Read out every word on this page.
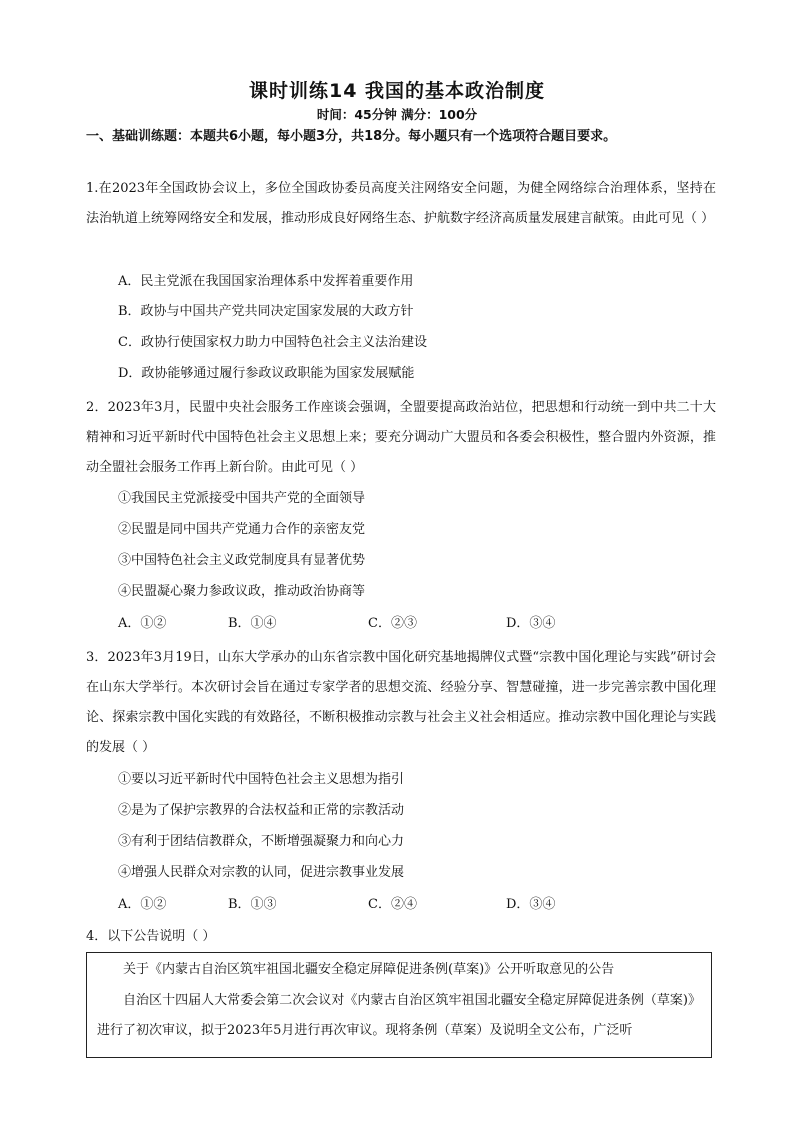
课时训练14 我国的基本政治制度
时间：45分钟 满分：100分
一、基础训练题：本题共6小题，每小题3分，共18分。每小题只有一个选项符合题目要求。
1.在2023年全国政协会议上，多位全国政协委员高度关注网络安全问题，为健全网络综合治理体系，坚持在法治轨道上统筹网络安全和发展，推动形成良好网络生态、护航数字经济高质量发展建言献策。由此可见（ ）
A．民主党派在我国国家治理体系中发挥着重要作用
B．政协与中国共产党共同决定国家发展的大政方针
C．政协行使国家权力助力中国特色社会主义法治建设
D．政协能够通过履行参政议政职能为国家发展赋能
2．2023年3月，民盟中央社会服务工作座谈会强调，全盟要提高政治站位，把思想和行动统一到中共二十大精神和习近平新时代中国特色社会主义思想上来；要充分调动广大盟员和各委会积极性，整合盟内外资源，推动全盟社会服务工作再上新台阶。由此可见（ ）
①我国民主党派接受中国共产党的全面领导
②民盟是同中国共产党通力合作的亲密友党
③中国特色社会主义政党制度具有显著优势
④民盟凝心聚力参政议政，推动政治协商等
A．①②	B．①④	C．②③	D．③④
3．2023年3月19日，山东大学承办的山东省宗教中国化研究基地揭牌仪式暨“宗教中国化理论与实践”研讨会在山东大学举行。本次研讨会旨在通过专家学者的思想交流、经验分享、智慧碰撞，进一步完善宗教中国化理论、探索宗教中国化实践的有效路径，不断积极推动宗教与社会主义社会相适应。推动宗教中国化理论与实践的发展（ ）
①要以习近平新时代中国特色社会主义思想为指引
②是为了保护宗教界的合法权益和正常的宗教活动
③有利于团结信教群众，不断增强凝聚力和向心力
④增强人民群众对宗教的认同，促进宗教事业发展
A．①②	B．①③	C．②④	D．③④
4．以下公告说明（ ）
关于《内蒙古自治区筑牢祖国北疆安全稳定屏障促进条例(草案)》公开听取意见的公告
自治区十四届人大常委会第二次会议对《内蒙古自治区筑牢祖国北疆安全稳定屏障促进条例（草案)》进行了初次审议，拟于2023年5月进行再次审议。现将条例（草案）及说明全文公布，广泛听
